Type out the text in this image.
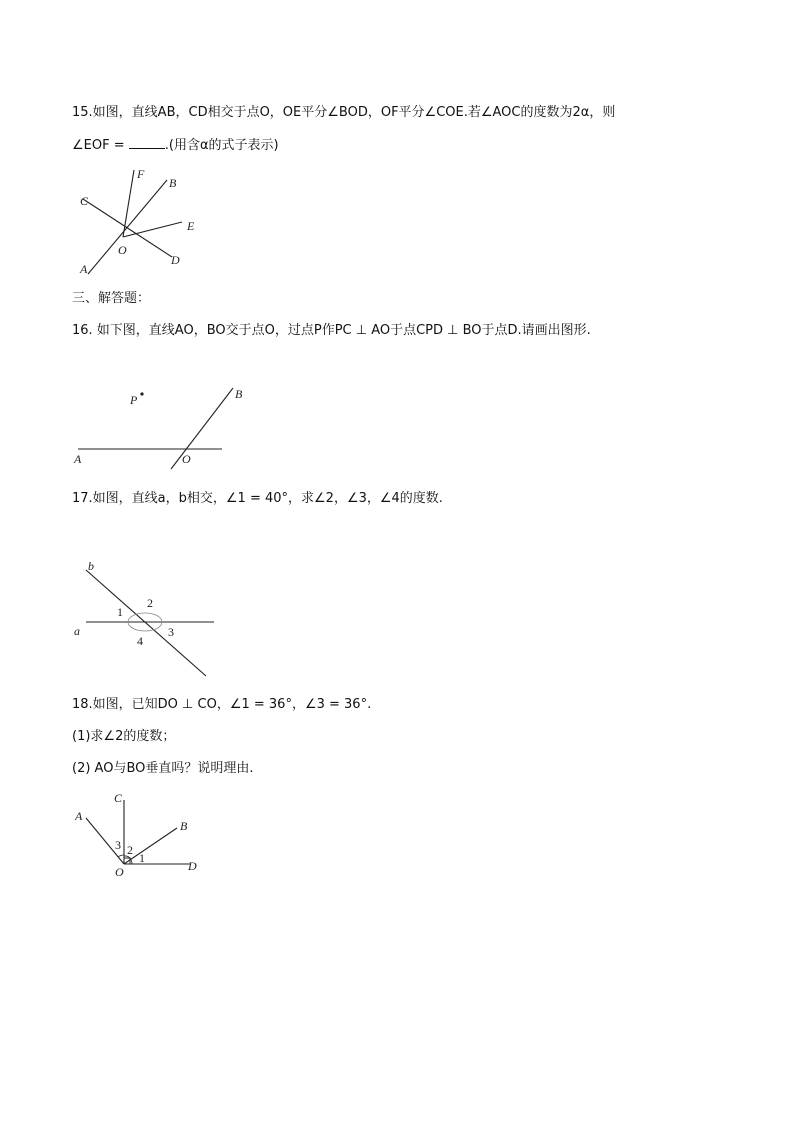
15.如图，直线AB，CD相交于点O，OE平分∠BOD，OF平分∠COE.若∠AOC的度数为2α，则
∠EOF =	.(用含α的式子表示)
C
F
B
E
O
D
A
三、解答题：
16. 如下图，直线AO，BO交于点O，过点P作PC ⊥ AO于点CPD ⊥ BO于点D.请画出图形.
P	B
A	O
17.如图，直线a，b相交，∠1 = 40°，求∠2，∠3，∠4的度数.
b
a
1
2
3
4
18.如图，已知DO ⊥ CO，∠1 = 36°，∠3 = 36°.
(1)求∠2的度数；
(2) AO与BO垂直吗？说明理由.
C
A
B
O	D
3 2
1
